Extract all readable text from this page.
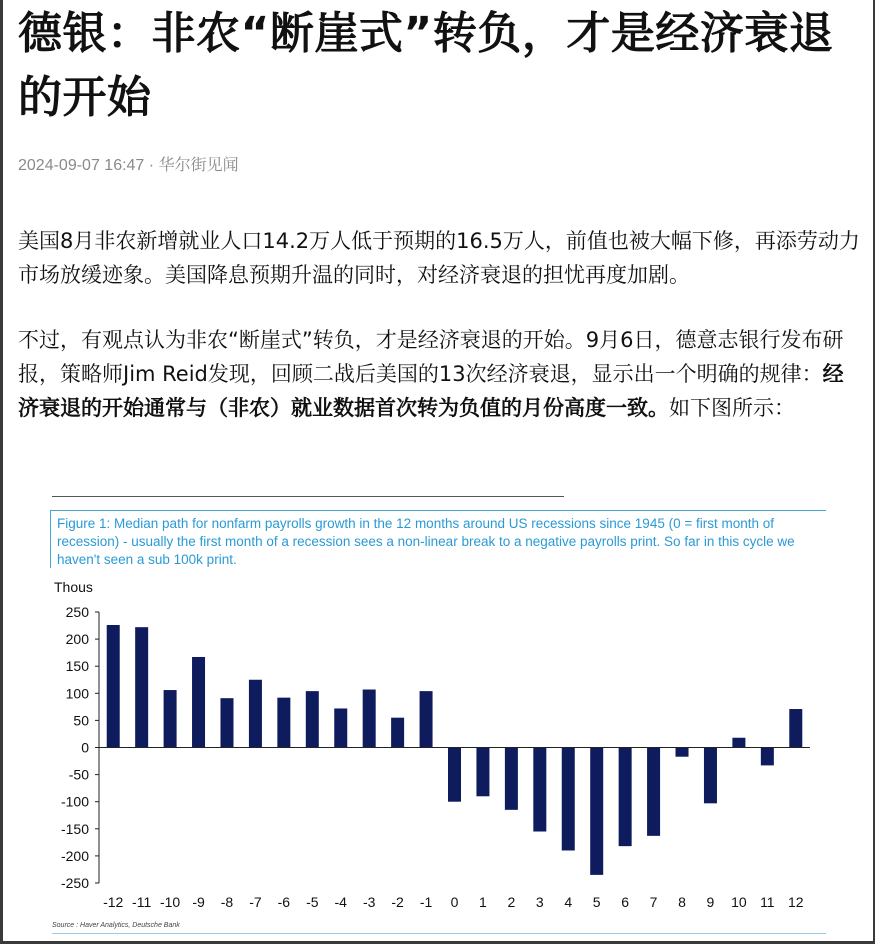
德银：非农“断崖式”转负，才是经济衰退的开始
2024-09-07 16:47 · 华尔街见闻

美国8月非农新增就业人口14.2万人低于预期的16.5万人，前值也被大幅下修，再添劳动力市场放缓迹象。美国降息预期升温的同时，对经济衰退的担忧再度加剧。

不过，有观点认为非农“断崖式”转负，才是经济衰退的开始。9月6日，德意志银行发布研报，策略师Jim Reid发现，回顾二战后美国的13次经济衰退，显示出一个明确的规律：经济衰退的开始通常与（非农）就业数据首次转为负值的月份高度一致。如下图所示：

Figure 1: Median path for nonfarm payrolls growth in the 12 months around US recessions since 1945 (0 = first month of recession) - usually the first month of a recession sees a non-linear break to a negative payrolls print. So far in this cycle we haven't seen a sub 100k print.
Thous
250
200
150
100
50
0
-50
-100
-150
-200
-250
-12 -11 -10 -9 -8 -7 -6 -5 -4 -3 -2 -1 0 1 2 3 4 5 6 7 8 9 10 11 12
Source : Haver Analytics, Deutsche Bank
